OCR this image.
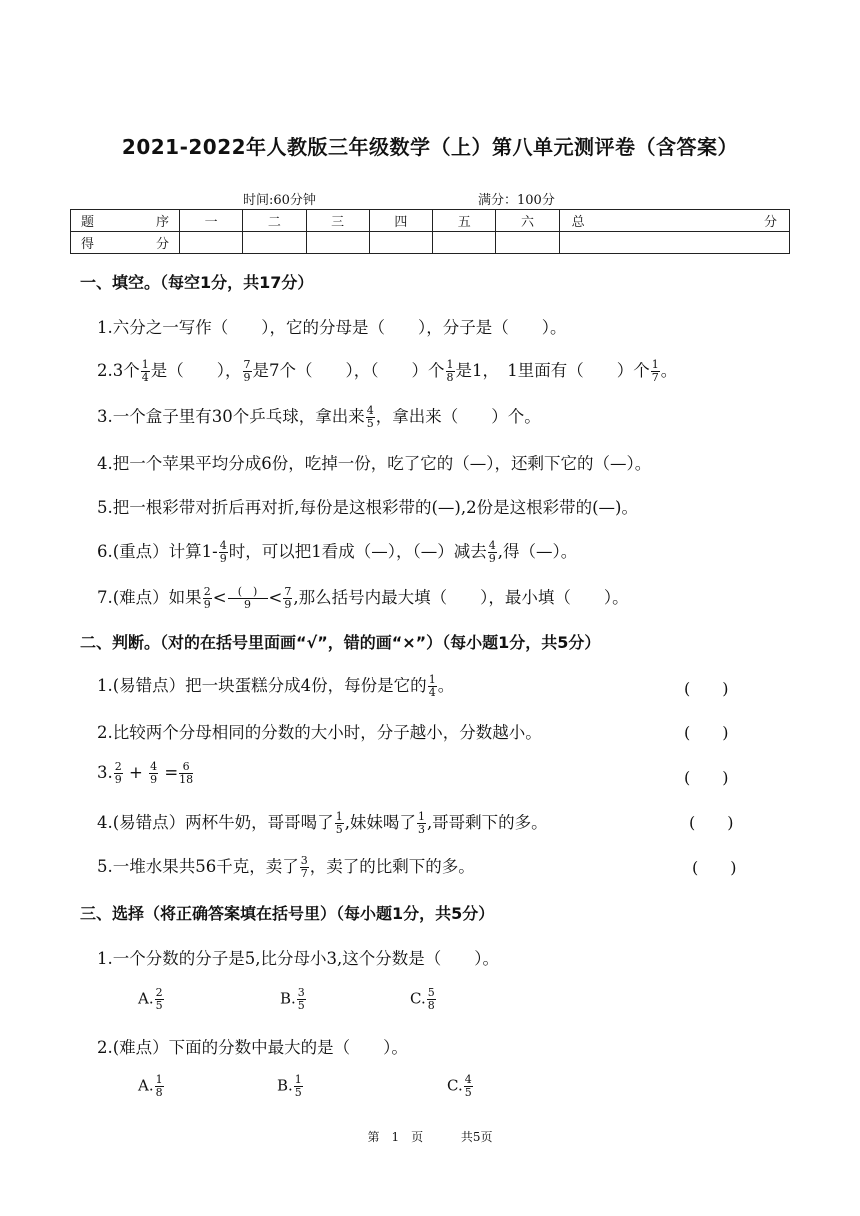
2021-2022年人教版三年级数学（上）第八单元测评卷（含答案）
时间:60分钟	满分：100分
题序	一	二	三	四	五	六	总分
得分							
一、填空。（每空1分，共17分）
1.六分之一写作（　　），它的分母是（　　），分子是（　　）。
2.3个 $\frac{1}{4}$ 是（　　）， $\frac{7}{9}$ 是7个（　　），（　　）个 $\frac{1}{8}$ 是1，　1里面有（　　）个 $\frac{1}{7}$ 。
3.一个盒子里有30个乒乓球，拿出来 $\frac{4}{5}$ ，拿出来（　　）个。
4.把一个苹果平均分成6份，吃掉一份，吃了它的（—），还剩下它的（—）。
5.把一根彩带对折后再对折,每份是这根彩带的(—),2份是这根彩带的(—)。
6.(重点）计算$1- \frac{4}{9}$ 时，可以把1看成（—），（—）减去 $\frac{4}{9}$ ,得（—）。
7.(难点）如果 $\frac{2}{9} < \frac{( )}{9} < \frac{7}{9}$ ,那么括号内最大填（　　），最小填（　　）。
二、判断。（对的在括号里面画“√”，错的画“×”）（每小题1分，共5分）
1.(易错点）把一块蛋糕分成4份，每份是它的 $\frac{1}{4}$ 。	(　　)
2.比较两个分母相同的分数的大小时，分子越小，分数越小。	(　　)
3. $\frac{2}{9} + \frac{4}{9} = \frac{6}{18}$	(　　)
4.(易错点）两杯牛奶，哥哥喝了 $\frac{1}{5}$ ,妹妹喝了 $\frac{1}{3}$ ,哥哥剩下的多。	(　　)
5.一堆水果共56千克，卖了 $\frac{3}{7}$ ，卖了的比剩下的多。	(　　)
三、选择（将正确答案填在括号里）（每小题1分，共5分）
1.一个分数的分子是5,比分母小3,这个分数是（　　）。
A. $\frac{2}{5}$	B. $\frac{3}{5}$	C. $\frac{5}{8}$
2.(难点）下面的分数中最大的是（　　）。
A. $\frac{1}{8}$	B. $\frac{1}{5}$	C. $\frac{4}{5}$
第　1　页	共5页
